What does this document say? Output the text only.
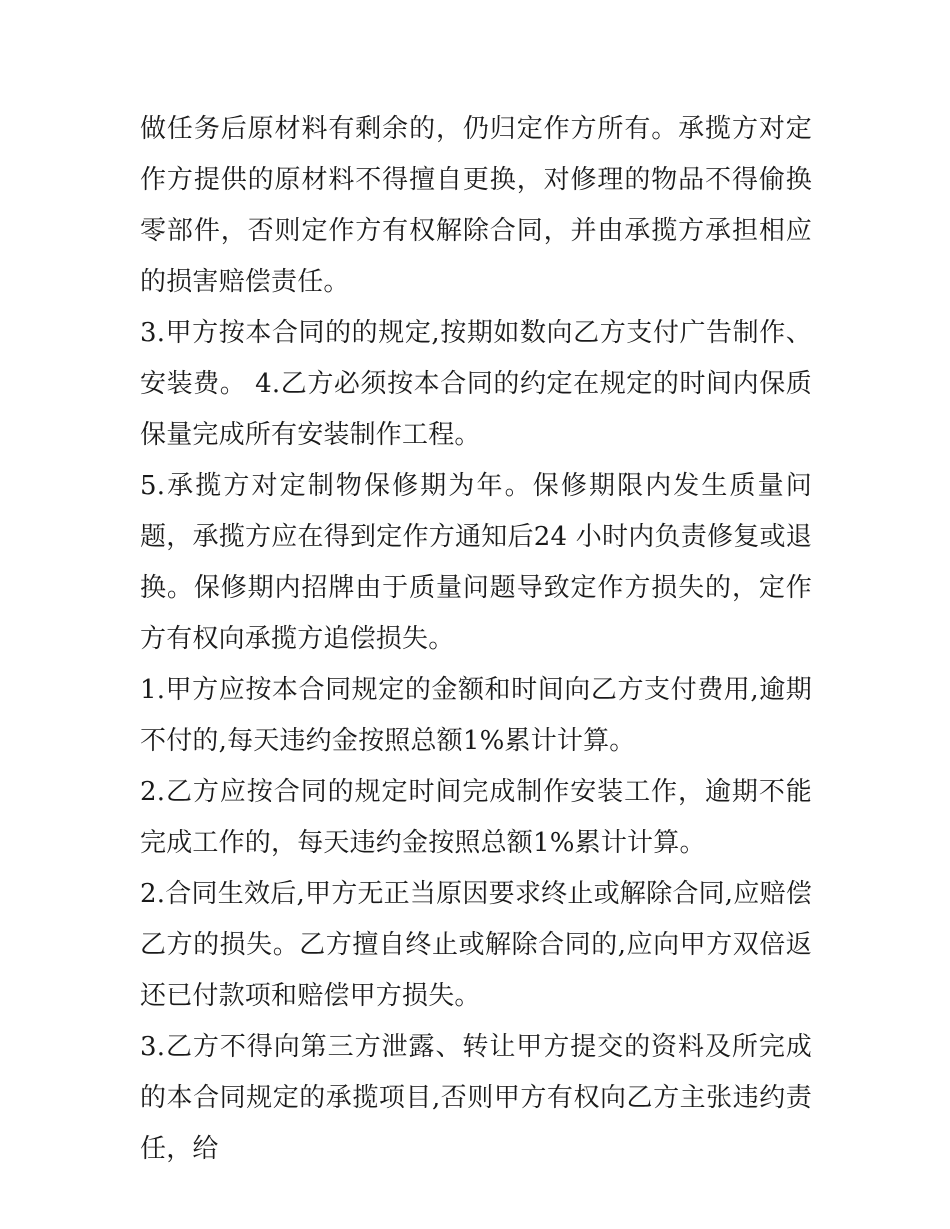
做任务后原材料有剩余的，仍归定作方所有。承揽方对定作方提供的原材料不得擅自更换，对修理的物品不得偷换零部件，否则定作方有权解除合同，并由承揽方承担相应的损害赔偿责任。

3.甲方按本合同的的规定,按期如数向乙方支付广告制作、安装费。 4.乙方必须按本合同的约定在规定的时间内保质保量完成所有安装制作工程。

5.承揽方对定制物保修期为年。保修期限内发生质量问题，承揽方应在得到定作方通知后24 小时内负责修复或退换。保修期内招牌由于质量问题导致定作方损失的，定作方有权向承揽方追偿损失。

1.甲方应按本合同规定的金额和时间向乙方支付费用,逾期不付的,每天违约金按照总额1%累计计算。

2.乙方应按合同的规定时间完成制作安装工作，逾期不能完成工作的，每天违约金按照总额1%累计计算。

2.合同生效后,甲方无正当原因要求终止或解除合同,应赔偿乙方的损失。乙方擅自终止或解除合同的,应向甲方双倍返还已付款项和赔偿甲方损失。

3.乙方不得向第三方泄露、转让甲方提交的资料及所完成的本合同规定的承揽项目,否则甲方有权向乙方主张违约责任，给
